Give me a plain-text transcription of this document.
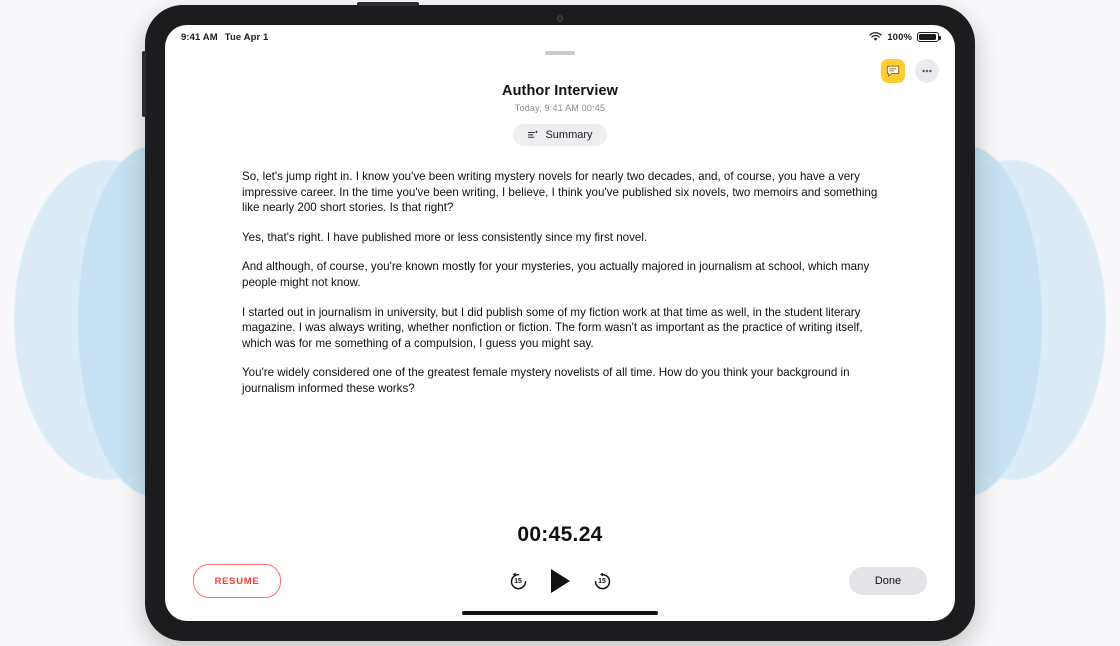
9:41 AM Tue Apr 1	100%
Author Interview
Today, 9:41 AM 00:45
Summary

So, let's jump right in. I know you've been writing mystery novels for nearly two decades, and, of course, you have a very impressive career. In the time you've been writing, I believe, I think you've published six novels, two memoirs and something like nearly 200 short stories. Is that right?

Yes, that's right. I have published more or less consistently since my first novel.

And although, of course, you're known mostly for your mysteries, you actually majored in journalism at school, which many people might not know.

I started out in journalism in university, but I did publish some of my fiction work at that time as well, in the student literary magazine. I was always writing, whether nonfiction or fiction. The form wasn't as important as the practice of writing itself, which was for me something of a compulsion, I guess you might say.

You're widely considered one of the greatest female mystery novelists of all time. How do you think your background in journalism informed these works?

00:45.24
RESUME	15	15	Done
